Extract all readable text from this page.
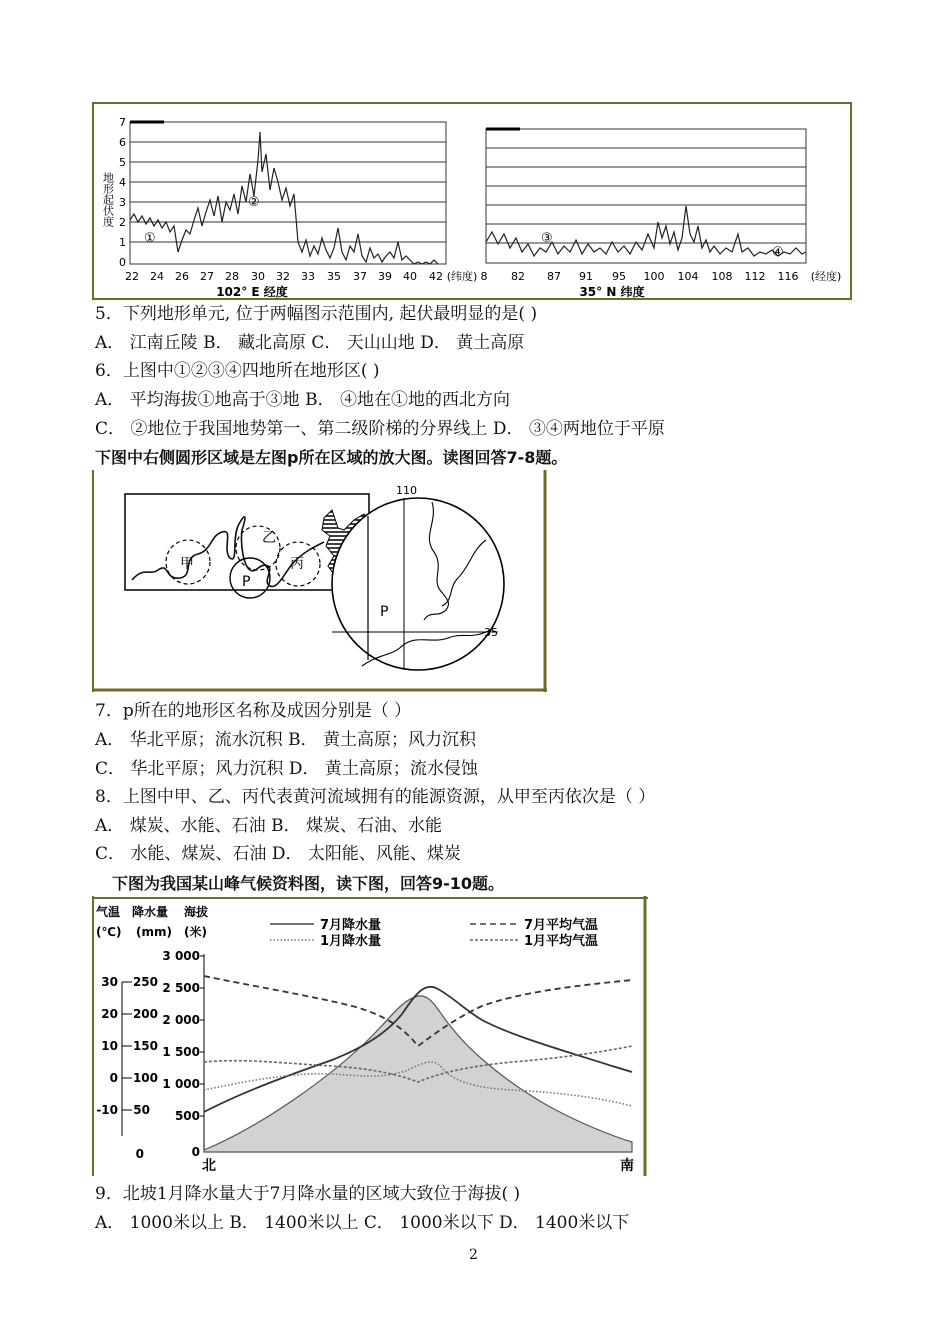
7
6
5
4
3
2
1
0
地形起伏度
22 24 26 27 28 30 32 33 35 37 39 40 42 (纬度)
102° E 经度
①
②
8 82 87 91 95 100 104 108 112 116 (经度)
35° N 纬度
③
④
5．下列地形单元, 位于两幅图示范围内, 起伏最明显的是( )
A． 江南丘陵 B． 藏北高原 C． 天山山地 D． 黄土高原
6．上图中①②③④四地所在地形区( )
A． 平均海拔①地高于③地 B． ④地在①地的西北方向
C． ②地位于我国地势第一、第二级阶梯的分界线上 D． ③④两地位于平原
下图中右侧圆形区域是左图p所在区域的放大图。读图回答7-8题。
甲
乙
丙
P
P
110
35
7．p所在的地形区名称及成因分别是（ ）
A． 华北平原；流水沉积 B． 黄土高原；风力沉积
C． 华北平原；风力沉积 D． 黄土高原；流水侵蚀
8．上图中甲、乙、丙代表黄河流域拥有的能源资源，从甲至丙依次是（ ）
A． 煤炭、水能、石油 B． 煤炭、石油、水能
C． 水能、煤炭、石油 D． 太阳能、风能、煤炭
下图为我国某山峰气候资料图，读下图，回答9-10题。
气温 降水量 海拔
(℃) (mm) (米)
30
20
10
0
-10
250
200
150
100
50
0
3 000
2 500
2 000
1 500
1 000
500
0
7月降水量	7月平均气温
1月降水量	1月平均气温
北	南
9．北坡1月降水量大于7月降水量的区域大致位于海拔( )
A． 1000米以上 B． 1400米以上 C． 1000米以下 D． 1400米以下
2
